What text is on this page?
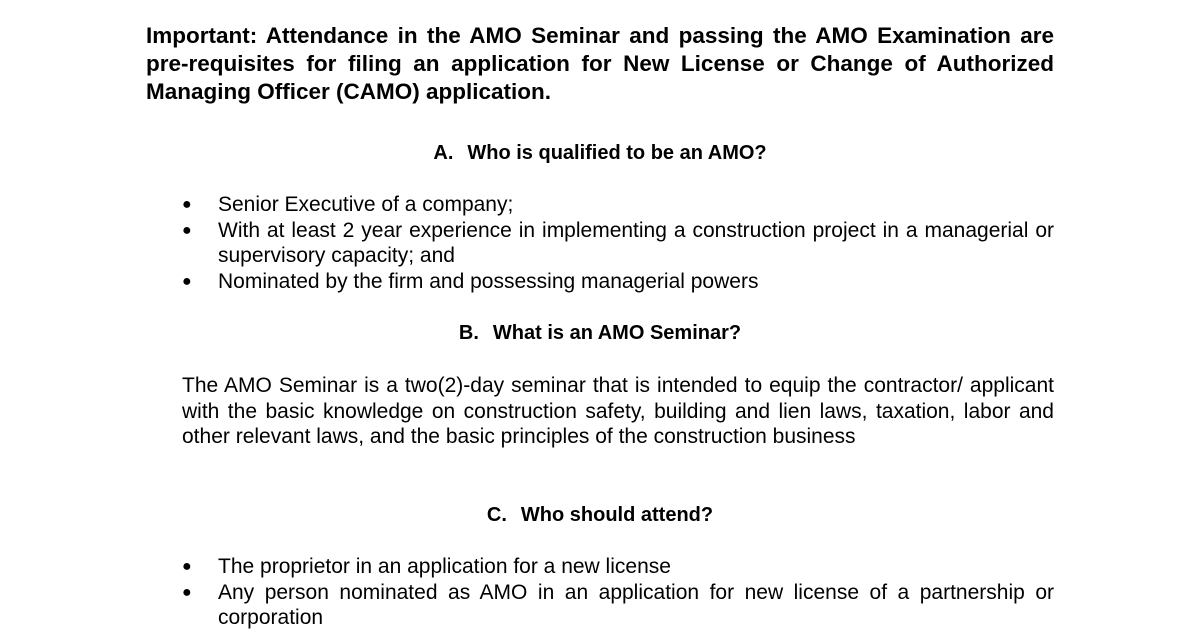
Important: Attendance in the AMO Seminar and passing the AMO Examination are pre-requisites for filing an application for New License or Change of Authorized Managing Officer (CAMO) application.

A. Who is qualified to be an AMO?
●	Senior Executive of a company;
●	With at least 2 year experience in implementing a construction project in a managerial or supervisory capacity; and
●	Nominated by the firm and possessing managerial powers
B. What is an AMO Seminar?

The AMO Seminar is a two(2)-day seminar that is intended to equip the contractor/ applicant with the basic knowledge on construction safety, building and lien laws, taxation, labor and other relevant laws, and the basic principles of the construction business

C. Who should attend?
●	The proprietor in an application for a new license
●	Any person nominated as AMO in an application for new license of a partnership or corporation
